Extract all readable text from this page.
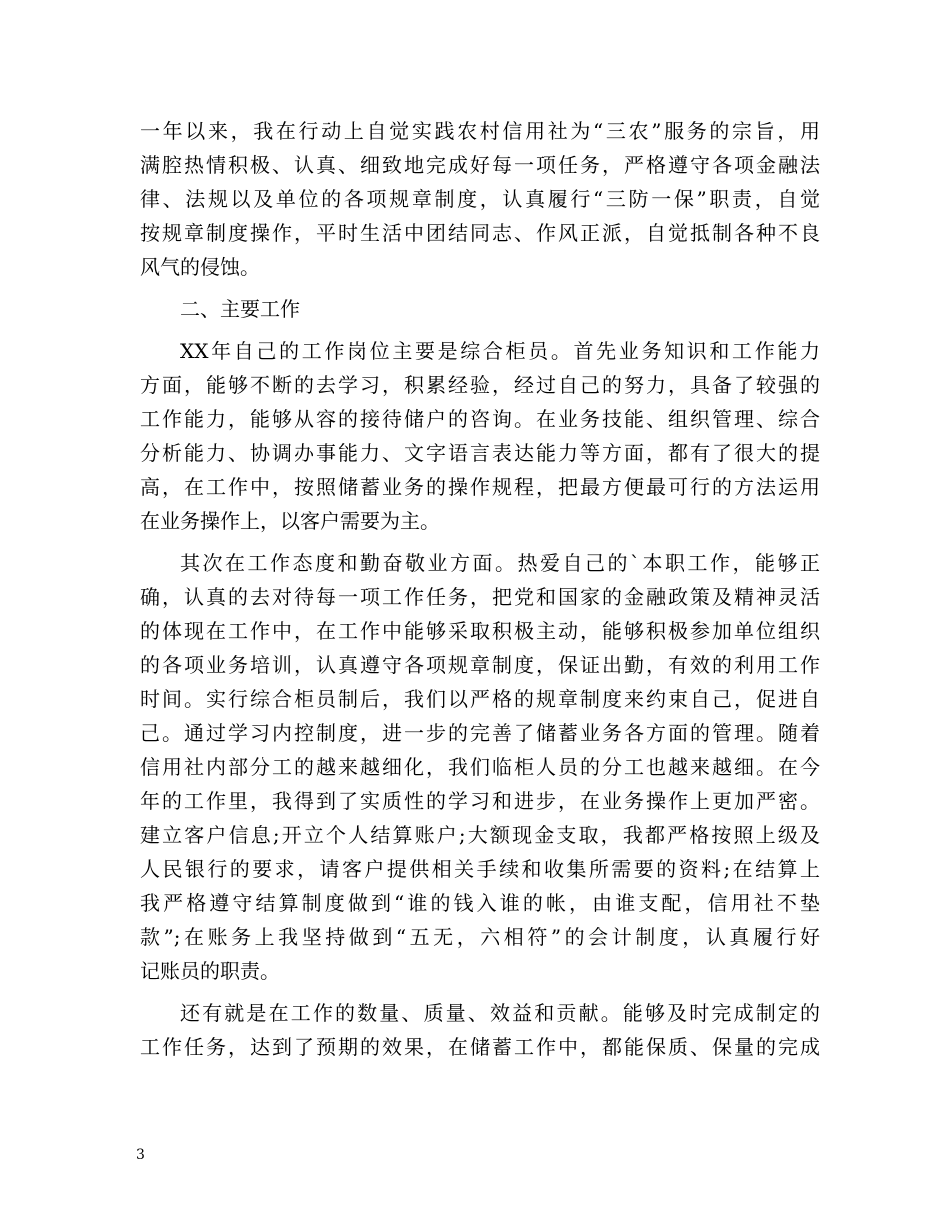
一年以来，我在行动上自觉实践农村信用社为“三农”服务的宗旨，用
满腔热情积极、认真、细致地完成好每一项任务，严格遵守各项金融法
律、法规以及单位的各项规章制度，认真履行“三防一保”职责，自觉
按规章制度操作，平时生活中团结同志、作风正派，自觉抵制各种不良
风气的侵蚀。
二、主要工作
XX年自己的工作岗位主要是综合柜员。首先业务知识和工作能力
方面，能够不断的去学习，积累经验，经过自己的努力，具备了较强的
工作能力，能够从容的接待储户的咨询。在业务技能、组织管理、综合
分析能力、协调办事能力、文字语言表达能力等方面，都有了很大的提
高，在工作中，按照储蓄业务的操作规程，把最方便最可行的方法运用
在业务操作上，以客户需要为主。
其次在工作态度和勤奋敬业方面。热爱自己的`本职工作，能够正
确，认真的去对待每一项工作任务，把党和国家的金融政策及精神灵活
的体现在工作中，在工作中能够采取积极主动，能够积极参加单位组织
的各项业务培训，认真遵守各项规章制度，保证出勤，有效的利用工作
时间。实行综合柜员制后，我们以严格的规章制度来约束自己，促进自
己。通过学习内控制度，进一步的完善了储蓄业务各方面的管理。随着
信用社内部分工的越来越细化，我们临柜人员的分工也越来越细。在今
年的工作里，我得到了实质性的学习和进步，在业务操作上更加严密。
建立客户信息;开立个人结算账户;大额现金支取，我都严格按照上级及
人民银行的要求，请客户提供相关手续和收集所需要的资料;在结算上
我严格遵守结算制度做到“谁的钱入谁的帐，由谁支配，信用社不垫
款”;在账务上我坚持做到“五无，六相符”的会计制度，认真履行好
记账员的职责。
还有就是在工作的数量、质量、效益和贡献。能够及时完成制定的
工作任务，达到了预期的效果，在储蓄工作中，都能保质、保量的完成
3
